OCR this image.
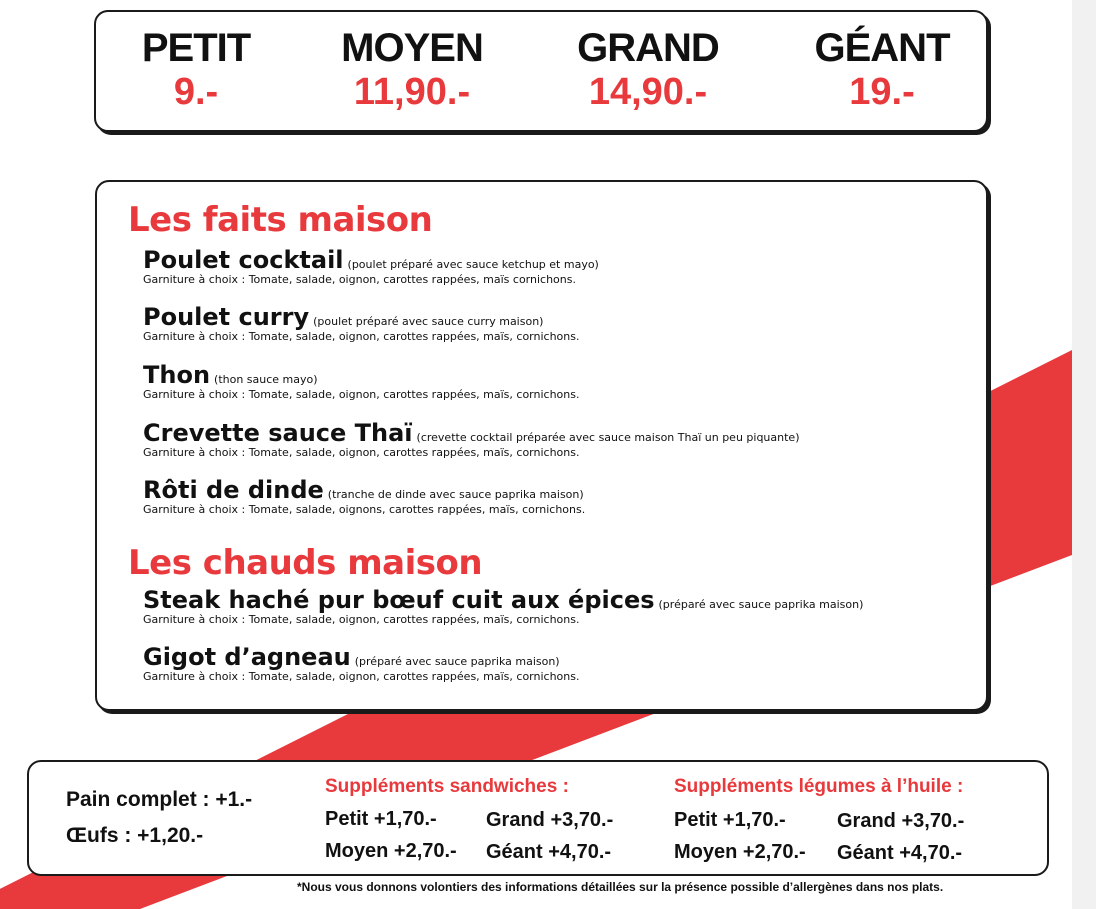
PETIT
9.-
MOYEN
11,90.-
GRAND
14,90.-
GÉANT
19.-
Les faits maison
Poulet cocktail (poulet préparé avec sauce ketchup et mayo)
Garniture à choix : Tomate, salade, oignon, carottes rappées, maïs cornichons.
Poulet curry (poulet préparé avec sauce curry maison)
Garniture à choix : Tomate, salade, oignon, carottes rappées, maïs, cornichons.
Thon (thon sauce mayo)
Garniture à choix : Tomate, salade, oignon, carottes rappées, maïs, cornichons.
Crevette sauce Thaï (crevette cocktail préparée avec sauce maison Thaï un peu piquante)
Garniture à choix : Tomate, salade, oignon, carottes rappées, maïs, cornichons.
Rôti de dinde (tranche de dinde avec sauce paprika maison)
Garniture à choix : Tomate, salade, oignons, carottes rappées, maïs, cornichons.
Les chauds maison
Steak haché pur bœuf cuit aux épices (préparé avec sauce paprika maison)
Garniture à choix : Tomate, salade, oignon, carottes rappées, maïs, cornichons.
Gigot d’agneau (préparé avec sauce paprika maison)
Garniture à choix : Tomate, salade, oignon, carottes rappées, maïs, cornichons.
Pain complet : +1.-
Œufs : +1,20.-
Suppléments sandwiches :
Petit +1,70.- Grand +3,70.-
Moyen +2,70.- Géant +4,70.-
Suppléments légumes à l’huile :
Petit +1,70.-	Grand +3,70.-
Moyen +2,70.- Géant +4,70.-
*Nous vous donnons volontiers des informations détaillées sur la présence possible d’allergènes dans nos plats.
